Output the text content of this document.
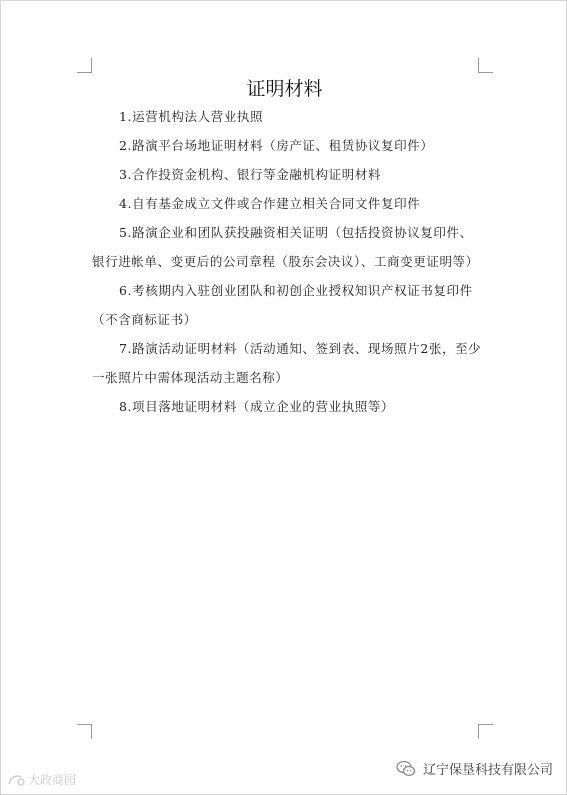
证明材料
1.运营机构法人营业执照
2.路演平台场地证明材料（房产证、租赁协议复印件）
3.合作投资金机构、银行等金融机构证明材料
4.自有基金成立文件或合作建立相关合同文件复印件
5.路演企业和团队获投融资相关证明（包括投资协议复印件、银行进帐单、变更后的公司章程（股东会决议）、工商变更证明等）
6.考核期内入驻创业团队和初创企业授权知识产权证书复印件（不含商标证书）
7.路演活动证明材料（活动通知、签到表、现场照片2张，至少一张照片中需体现活动主题名称）
8.项目落地证明材料（成立企业的营业执照等）
大政商园
辽宁保垦科技有限公司
